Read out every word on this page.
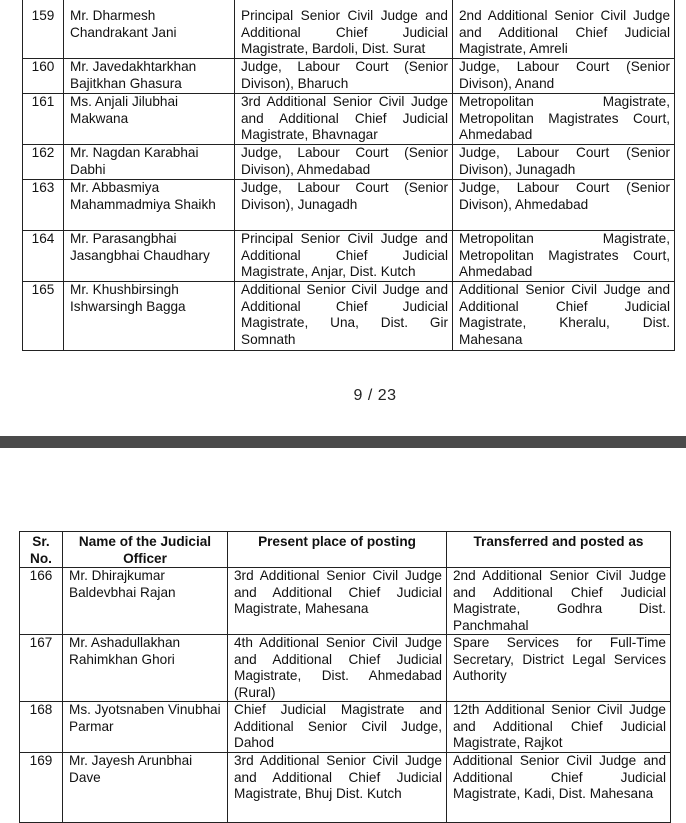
159	Mr. Dharmesh Chandrakant Jani	Principal Senior Civil Judge and Additional Chief Judicial Magistrate, Bardoli, Dist. Surat	2nd Additional Senior Civil Judge and Additional Chief Judicial Magistrate, Amreli
160	Mr. Javedakhtarkhan Bajitkhan Ghasura	Judge, Labour Court (Senior Divison), Bharuch	Judge, Labour Court (Senior Divison), Anand
161	Ms. Anjali Jilubhai Makwana	3rd Additional Senior Civil Judge and Additional Chief Judicial Magistrate, Bhavnagar	Metropolitan Magistrate, Metropolitan Magistrates Court, Ahmedabad
162	Mr. Nagdan Karabhai Dabhi	Judge, Labour Court (Senior Divison), Ahmedabad	Judge, Labour Court (Senior Divison), Junagadh
163	Mr. Abbasmiya Mahammadmiya Shaikh	Judge, Labour Court (Senior Divison), Junagadh	Judge, Labour Court (Senior Divison), Ahmedabad
164	Mr. Parasangbhai Jasangbhai Chaudhary	Principal Senior Civil Judge and Additional Chief Judicial Magistrate, Anjar, Dist. Kutch	Metropolitan Magistrate, Metropolitan Magistrates Court, Ahmedabad
165	Mr. Khushbirsingh Ishwarsingh Bagga	Additional Senior Civil Judge and Additional Chief Judicial Magistrate, Una, Dist. Gir Somnath	Additional Senior Civil Judge and Additional Chief Judicial Magistrate, Kheralu, Dist. Mahesana
9 / 23
Sr. No.	Name of the Judicial Officer	Present place of posting	Transferred and posted as
166	Mr. Dhirajkumar Baldevbhai Rajan	3rd Additional Senior Civil Judge and Additional Chief Judicial Magistrate, Mahesana	2nd Additional Senior Civil Judge and Additional Chief Judicial Magistrate, Godhra Dist. Panchmahal
167	Mr. Ashadullakhan Rahimkhan Ghori	4th Additional Senior Civil Judge and Additional Chief Judicial Magistrate, Dist. Ahmedabad (Rural)	Spare Services for Full-Time Secretary, District Legal Services Authority
168	Ms. Jyotsnaben Vinubhai Parmar	Chief Judicial Magistrate and Additional Senior Civil Judge, Dahod	12th Additional Senior Civil Judge and Additional Chief Judicial Magistrate, Rajkot
169	Mr. Jayesh Arunbhai Dave	3rd Additional Senior Civil Judge and Additional Chief Judicial Magistrate, Bhuj Dist. Kutch	Additional Senior Civil Judge and Additional Chief Judicial Magistrate, Kadi, Dist. Mahesana
